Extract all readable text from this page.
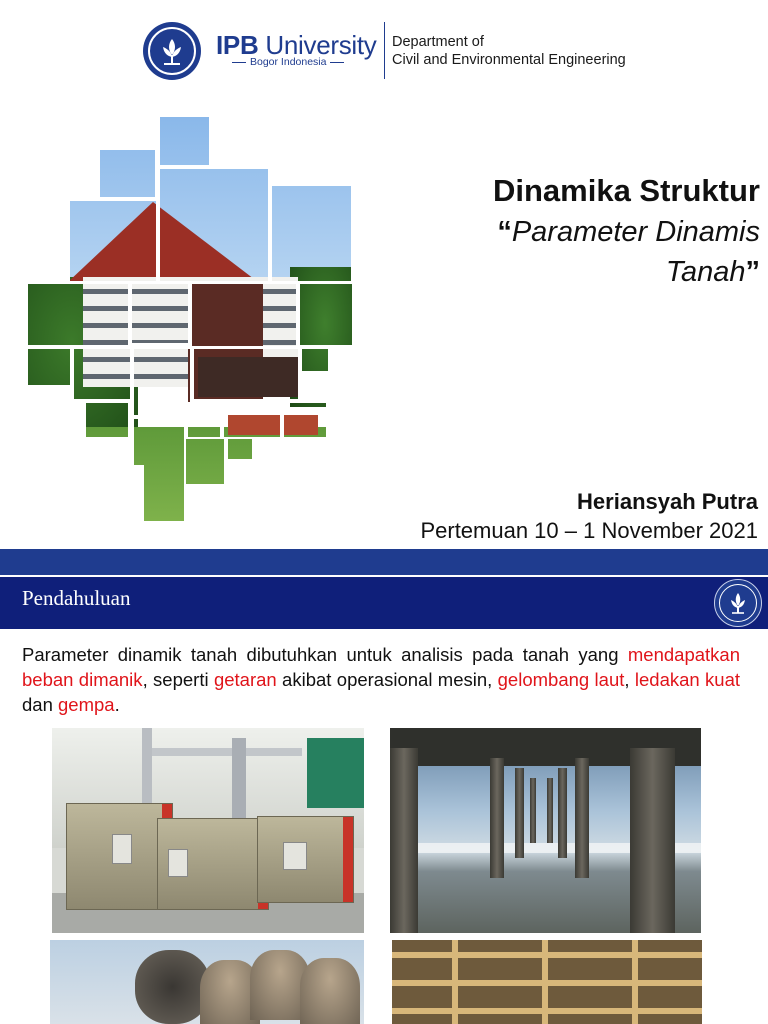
IPB University
Bogor Indonesia
Department of
Civil and Environmental Engineering
Dinamika Struktur
“Parameter Dinamis Tanah”
Heriansyah Putra
Pertemuan 10 – 1 November 2021
Pendahuluan
Parameter dinamik tanah dibutuhkan untuk analisis pada tanah yang mendapatkan beban dimanik, seperti getaran akibat operasional mesin, gelombang laut, ledakan kuat dan gempa.
